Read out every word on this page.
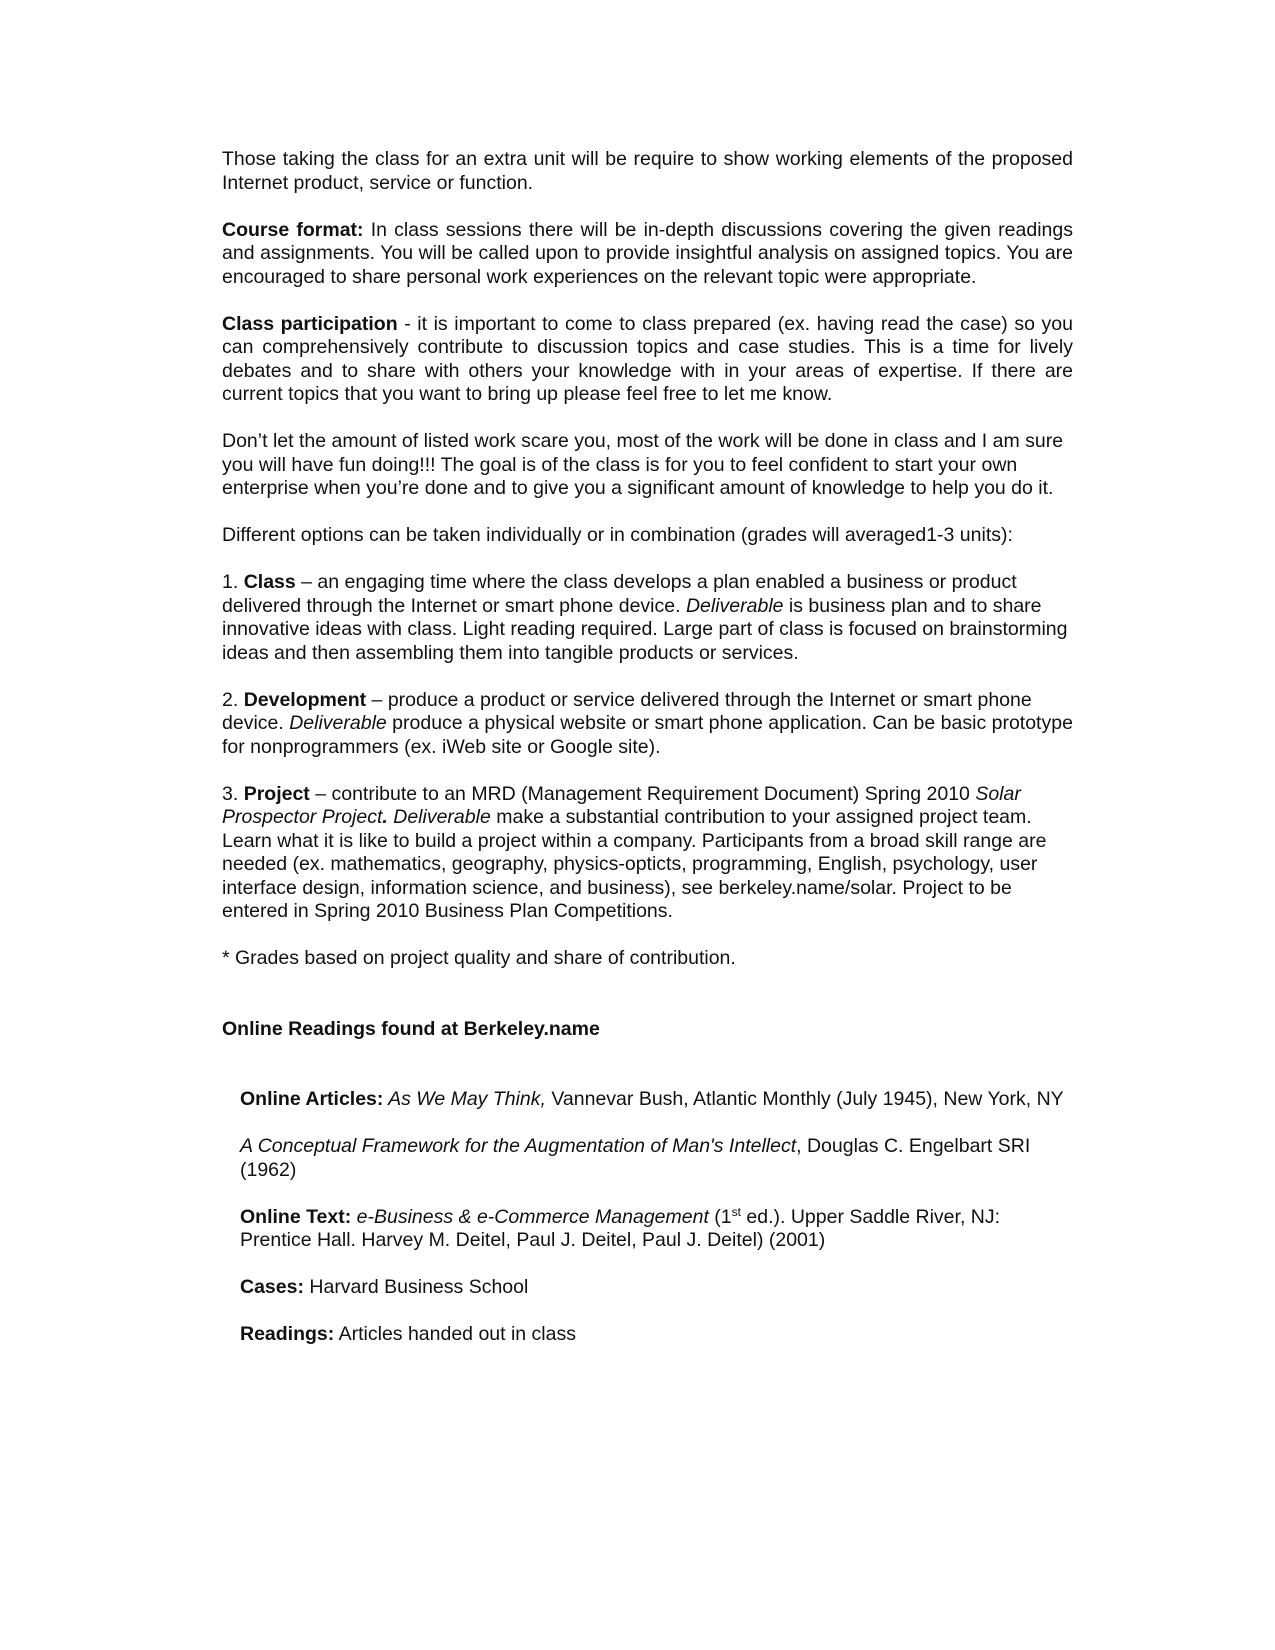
Those taking the class for an extra unit will be require to show working elements of the proposed Internet product, service or function.

Course format: In class sessions there will be in-depth discussions covering the given readings and assignments. You will be called upon to provide insightful analysis on assigned topics. You are encouraged to share personal work experiences on the relevant topic were appropriate.

Class participation - it is important to come to class prepared (ex. having read the case) so you can comprehensively contribute to discussion topics and case studies. This is a time for lively debates and to share with others your knowledge with in your areas of expertise. If there are current topics that you want to bring up please feel free to let me know.

Don’t let the amount of listed work scare you, most of the work will be done in class and I am sure you will have fun doing!!! The goal is of the class is for you to feel confident to start your own enterprise when you’re done and to give you a significant amount of knowledge to help you do it.

Different options can be taken individually or in combination (grades will averaged1-3 units):

1. Class – an engaging time where the class develops a plan enabled a business or product delivered through the Internet or smart phone device. Deliverable is business plan and to share innovative ideas with class. Light reading required. Large part of class is focused on brainstorming ideas and then assembling them into tangible products or services.

2. Development – produce a product or service delivered through the Internet or smart phone device. Deliverable produce a physical website or smart phone application. Can be basic prototype for nonprogrammers (ex. iWeb site or Google site).

3. Project – contribute to an MRD (Management Requirement Document) Spring 2010 Solar Prospector Project. Deliverable make a substantial contribution to your assigned project team. Learn what it is like to build a project within a company. Participants from a broad skill range are needed (ex. mathematics, geography, physics-opticts, programming, English, psychology, user interface design, information science, and business), see berkeley.name/solar. Project to be entered in Spring 2010 Business Plan Competitions.

* Grades based on project quality and share of contribution.

Online Readings found at Berkeley.name

Online Articles: As We May Think, Vannevar Bush, Atlantic Monthly (July 1945), New York, NY

A Conceptual Framework for the Augmentation of Man's Intellect, Douglas C. Engelbart SRI (1962)

Online Text: e-Business & e-Commerce Management (1st ed.). Upper Saddle River, NJ: Prentice Hall. Harvey M. Deitel, Paul J. Deitel, Paul J. Deitel) (2001)

Cases: Harvard Business School

Readings: Articles handed out in class
